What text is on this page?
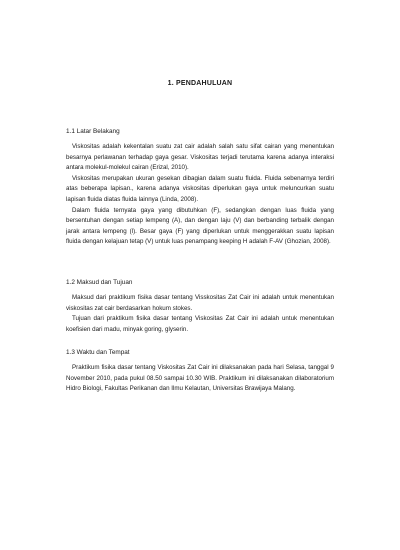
1. PENDAHULUAN
1.1 Latar Belakang

Viskositas adalah kekentalan suatu zat cair adalah salah satu sifat cairan yang menentukan besarnya perlawanan terhadap gaya gesar. Viskositas terjadi terutama karena adanya interaksi antara molekul-molekul cairan (Erizal, 2010).

Viskositas merupakan ukuran gesekan dibagian dalam suatu fluida. Fluida sebenarnya terdiri atas beberapa lapisan., karena adanya viskositas diperlukan gaya untuk meluncurkan suatu lapisan fluida diatas fluida lainnya (Linda, 2008).

Dalam fluida ternyata gaya yang dibutuhkan (F), sedangkan dengan luas fluida yang bersentuhan dengan setiap lempeng (A), dan dengan laju (V) dan berbanding terbalik dengan jarak antara lempeng (l). Besar gaya (F) yang diperlukan untuk menggerakkan suatu lapisan fluida dengan kelajuan tetap (V) untuk luas penampang keeping H adalah F-AV (Ghozian, 2008).

1.2 Maksud dan Tujuan

Maksud dari praktikum fisika dasar tentang Visskositas Zat Cair ini adalah untuk menentukan viskositas zat cair berdasarkan hokum stokes.

Tujuan dari praktikum fisika dasar tentang Viskositas Zat Cair ini adalah untuk menentukan koefisien dari madu, minyak goring, glyserin.

1.3 Waktu dan Tempat

Praktikum fisika dasar tentang Viskositas Zat Cair ini dilaksanakan pada hari Selasa, tanggal 9 November 2010, pada pukul 08.50 sampai 10.30 WIB. Praktikum ini dilaksanakan dilaboratorium Hidro Biologi, Fakultas Perikanan dan Ilmu Kelautan, Universitas Brawijaya Malang.
